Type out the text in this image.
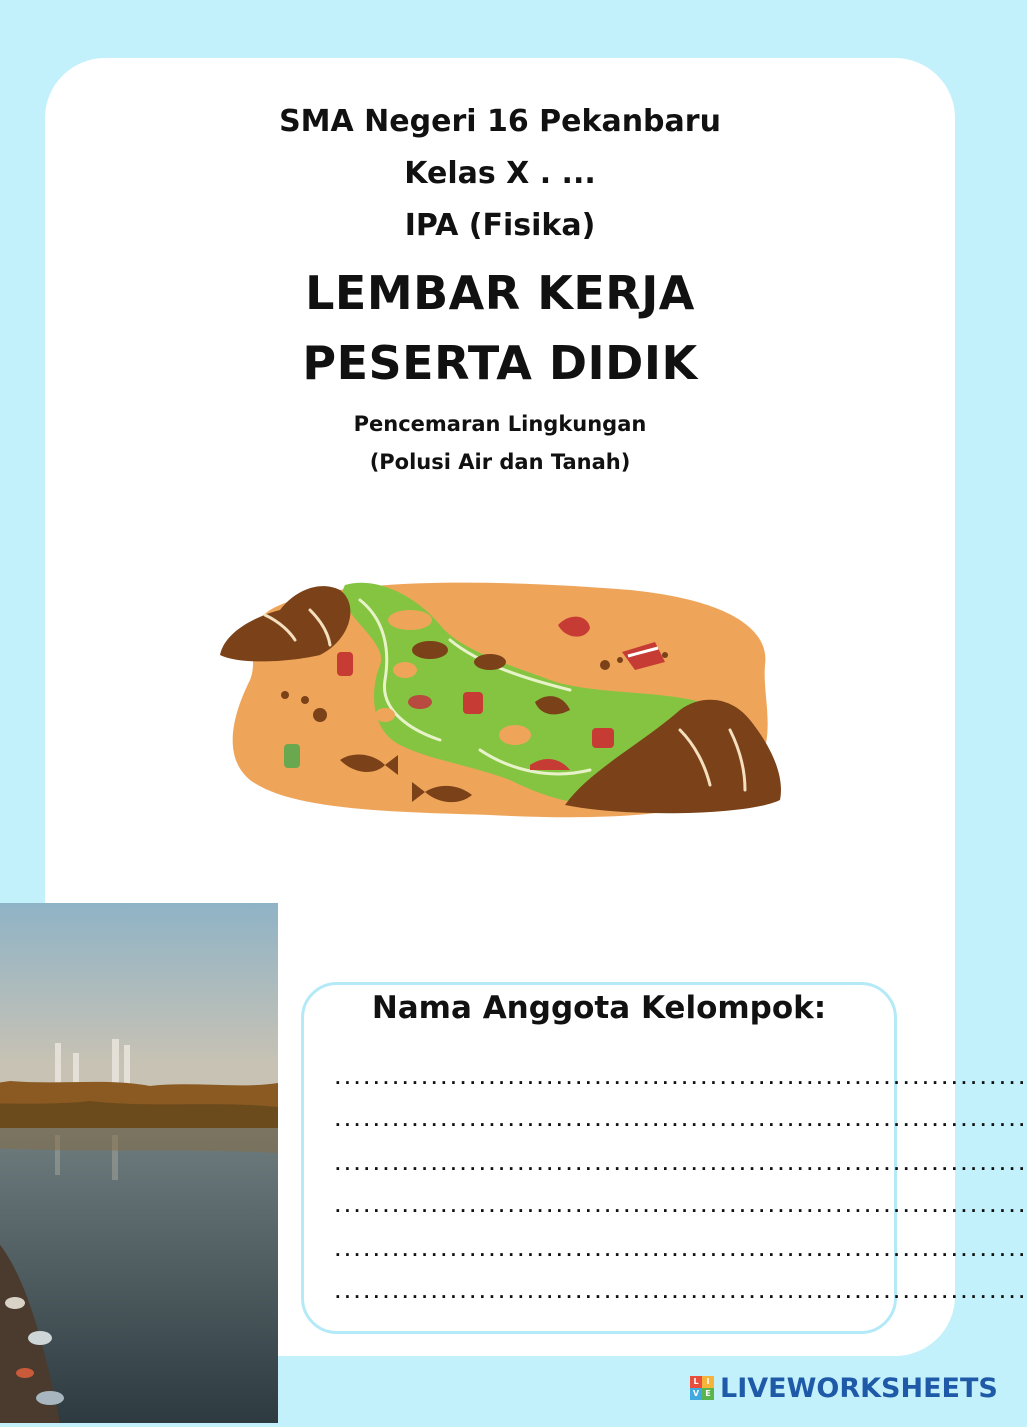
SMA Negeri 16 Pekanbaru
Kelas X . ...
IPA (Fisika)
LEMBAR KERJA
PESERTA DIDIK
Pencemaran Lingkungan
(Polusi Air dan Tanah)
Nama Anggota Kelompok:
........................................................................
........................................................................
........................................................................
........................................................................
........................................................................
........................................................................
L I
V E LIVEWORKSHEETS
